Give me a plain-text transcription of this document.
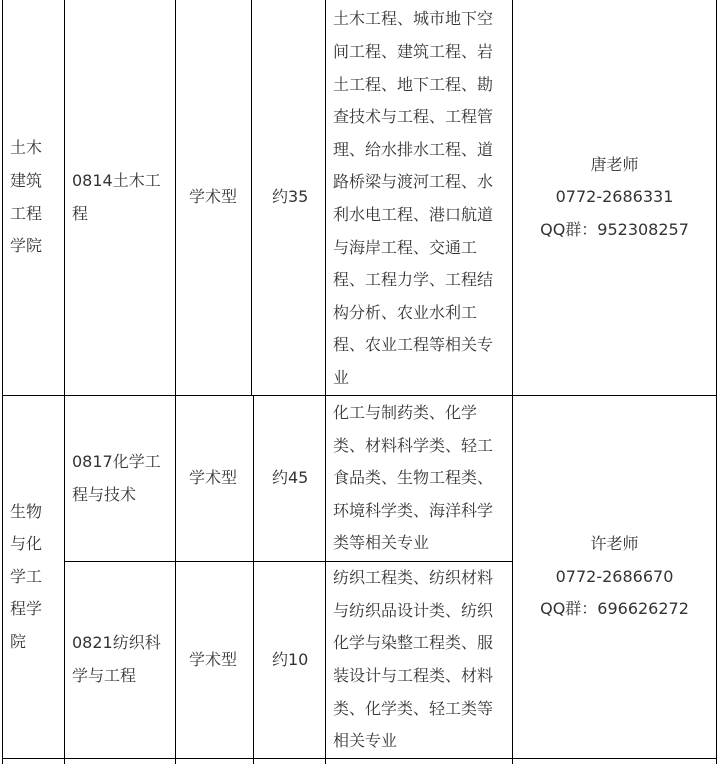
土木
建筑
工程
学院
0814土木工
程
学术型 约35
土木工程、城市地下空
间工程、建筑工程、岩
土工程、地下工程、勘
查技术与工程、工程管
理、给水排水工程、道
路桥梁与渡河工程、水
利水电工程、港口航道
与海岸工程、交通工
程、工程力学、工程结
构分析、农业水利工
程、农业工程等相关专
业
唐老师
0772-2686331
QQ群：952308257
生物
与化
学工
程学
院
0817化学工
程与技术
学术型 约45
化工与制药类、化学
类、材料科学类、轻工
食品类、生物工程类、
环境科学类、海洋科学
类等相关专业
0821纺织科
学与工程
学术型 约10
纺织工程类、纺织材料
与纺织品设计类、纺织
化学与染整工程类、服
装设计与工程类、材料
类、化学类、轻工类等
相关专业
许老师
0772-2686670
QQ群：696626272
